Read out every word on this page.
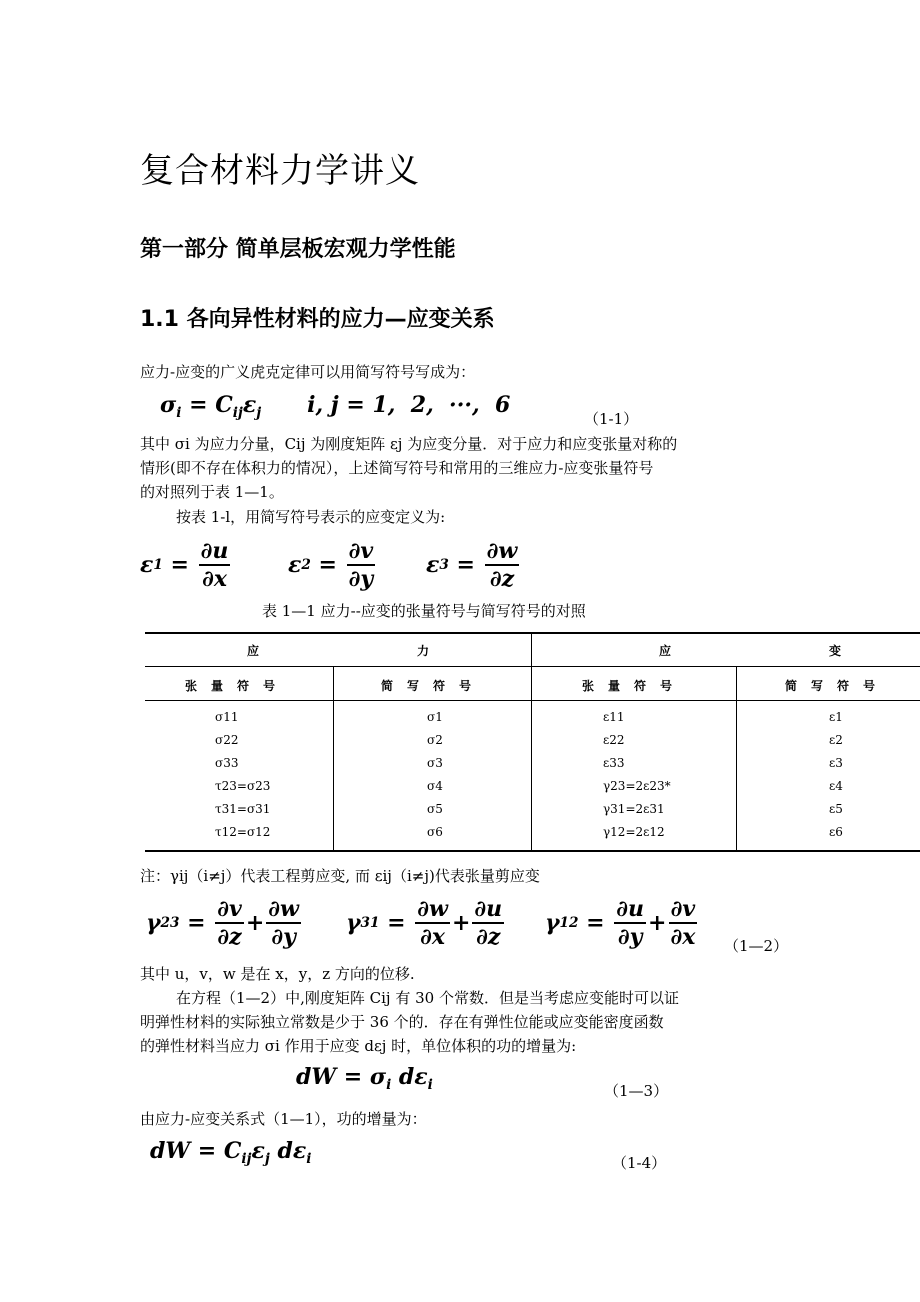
复合材料力学讲义
第一部分 简单层板宏观力学性能
1.1 各向异性材料的应力—应变关系
应力-应变的广义虎克定律可以用简写符号写成为：
$\sigma_i = C_{ij}\varepsilon_j$ i, j = 1,  2,  ···,  6
（1-1）
其中 σi 为应力分量，Cij 为刚度矩阵 εj 为应变分量．对于应力和应变张量对称的
情形(即不存在体积力的情况），上述简写符号和常用的三维应力-应变张量符号
的对照列于表 1—1。
按表 1-l，用简写符号表示的应变定义为:
ε $1 = \frac{\partial u}{\partial x}$	ε $2 = \frac{\partial v}{\partial y}$ ε $3 = \frac{\partial w}{\partial z}$
表 1—1 应力--应变的张量符号与简写符号的对照
应	力	应	变
张量符号	简写符号	张量符号	简写符号
σ11	σ1	ε11	ε1
σ22	σ2	ε22	ε2
σ33	σ3	ε33	ε3
τ23=σ23	σ4	γ23=2ε23*	ε4
τ31=σ31	σ5	γ31=2ε31	ε5
τ12=σ12	σ6	γ12=2ε12	ε6
注：γij（i≠j）代表工程剪应变, 而 εij（i≠j)代表张量剪应变
γ $23 = \frac{\partial v}{\partial z} + \frac{\partial w}{\partial y}$ γ $31 = \frac{\partial w}{\partial x} + \frac{\partial u}{\partial z}$ γ $12 = \frac{\partial u}{\partial y} + \frac{\partial v}{\partial x}$ （1—2）
其中 u，v，w 是在 x，y，z 方向的位移.
在方程（1—2）中,刚度矩阵 Cij 有 30 个常数．但是当考虑应变能时可以证
明弹性材料的实际独立常数是少于 36 个的．存在有弹性位能或应变能密度函数
的弹性材料当应力 σi 作用于应变 dεj 时，单位体积的功的增量为:
dW = $\sigma_i$ $d\varepsilon_i$	（1—3）
由应力-应变关系式（1—1），功的增量为：
dW = $C_{ij}\varepsilon_j$ $d\varepsilon_i$	（1-4）
